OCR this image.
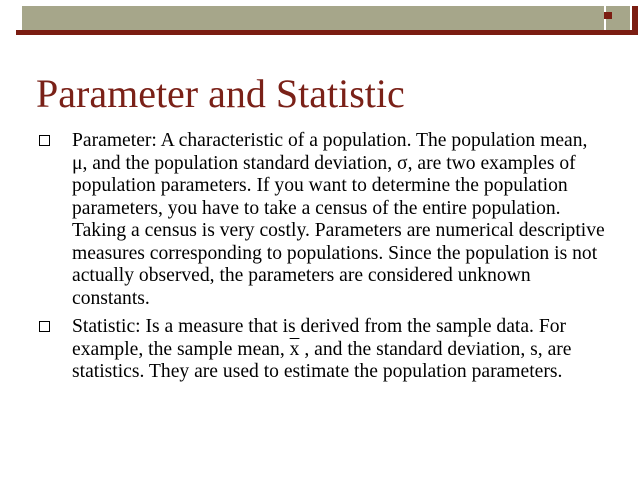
Parameter and Statistic
Parameter: A characteristic of a population. The population mean, μ, and the population standard deviation, σ, are two examples of population parameters. If you want to determine the population parameters, you have to take a census of the entire population. Taking a census is very costly. Parameters are numerical descriptive measures corresponding to populations. Since the population is not actually observed, the parameters are considered unknown constants.
Statistic: Is a measure that is derived from the sample data. For example, the sample mean, $\overline{x}$ , and the standard deviation, s, are statistics. They are used to estimate the population parameters.
